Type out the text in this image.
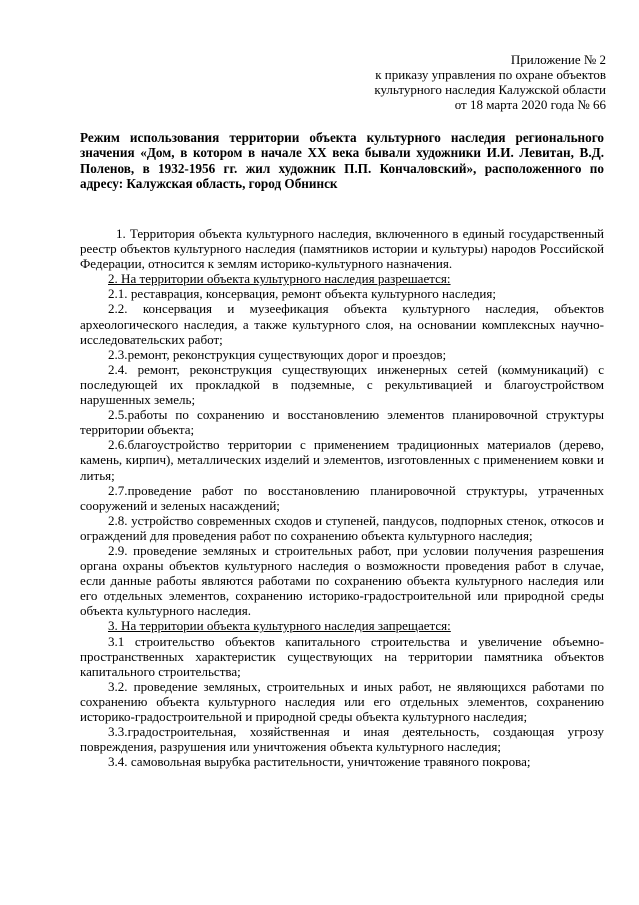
Приложение № 2
к приказу управления по охране объектов
культурного наследия Калужской области
от 18 марта 2020 года № 66

Режим использования территории объекта культурного наследия регионального значения «Дом, в котором в начале XX века бывали художники И.И. Левитан, В.Д. Поленов, в 1932-1956 гг. жил художник П.П. Кончаловский», расположенного по адресу: Калужская область, город Обнинск

1. Территория объекта культурного наследия, включенного в единый государственный реестр объектов культурного наследия (памятников истории и культуры) народов Российской Федерации, относится к землям историко-культурного назначения.

2. На территории объекта культурного наследия разрешается:

2.1. реставрация, консервация, ремонт объекта культурного наследия;

2.2. консервация и музеефикация объекта культурного наследия, объектов археологического наследия, а также культурного слоя, на основании комплексных научно-исследовательских работ;

2.3.ремонт, реконструкция существующих дорог и проездов;

2.4. ремонт, реконструкция существующих инженерных сетей (коммуникаций) с последующей их прокладкой в подземные, с рекультивацией и благоустройством нарушенных земель;

2.5.работы по сохранению и восстановлению элементов планировочной структуры территории объекта;

2.6.благоустройство территории с применением традиционных материалов (дерево, камень, кирпич), металлических изделий и элементов, изготовленных с применением ковки и литья;

2.7.проведение работ по восстановлению планировочной структуры, утраченных сооружений и зеленых насаждений;

2.8. устройство современных сходов и ступеней, пандусов, подпорных стенок, откосов и ограждений для проведения работ по сохранению объекта культурного наследия;

2.9. проведение земляных и строительных работ, при условии получения разрешения органа охраны объектов культурного наследия о возможности проведения работ в случае, если данные работы являются работами по сохранению объекта культурного наследия или его отдельных элементов, сохранению историко-градостроительной или природной среды объекта культурного наследия.

3. На территории объекта культурного наследия запрещается:

3.1 строительство объектов капитального строительства и увеличение объемно-пространственных характеристик существующих на территории памятника объектов капитального строительства;

3.2. проведение земляных, строительных и иных работ, не являющихся работами по сохранению объекта культурного наследия или его отдельных элементов, сохранению историко-градостроительной и природной среды объекта культурного наследия;

3.3.градостроительная, хозяйственная и иная деятельность, создающая угрозу повреждения, разрушения или уничтожения объекта культурного наследия;

3.4. самовольная вырубка растительности, уничтожение травяного покрова;
